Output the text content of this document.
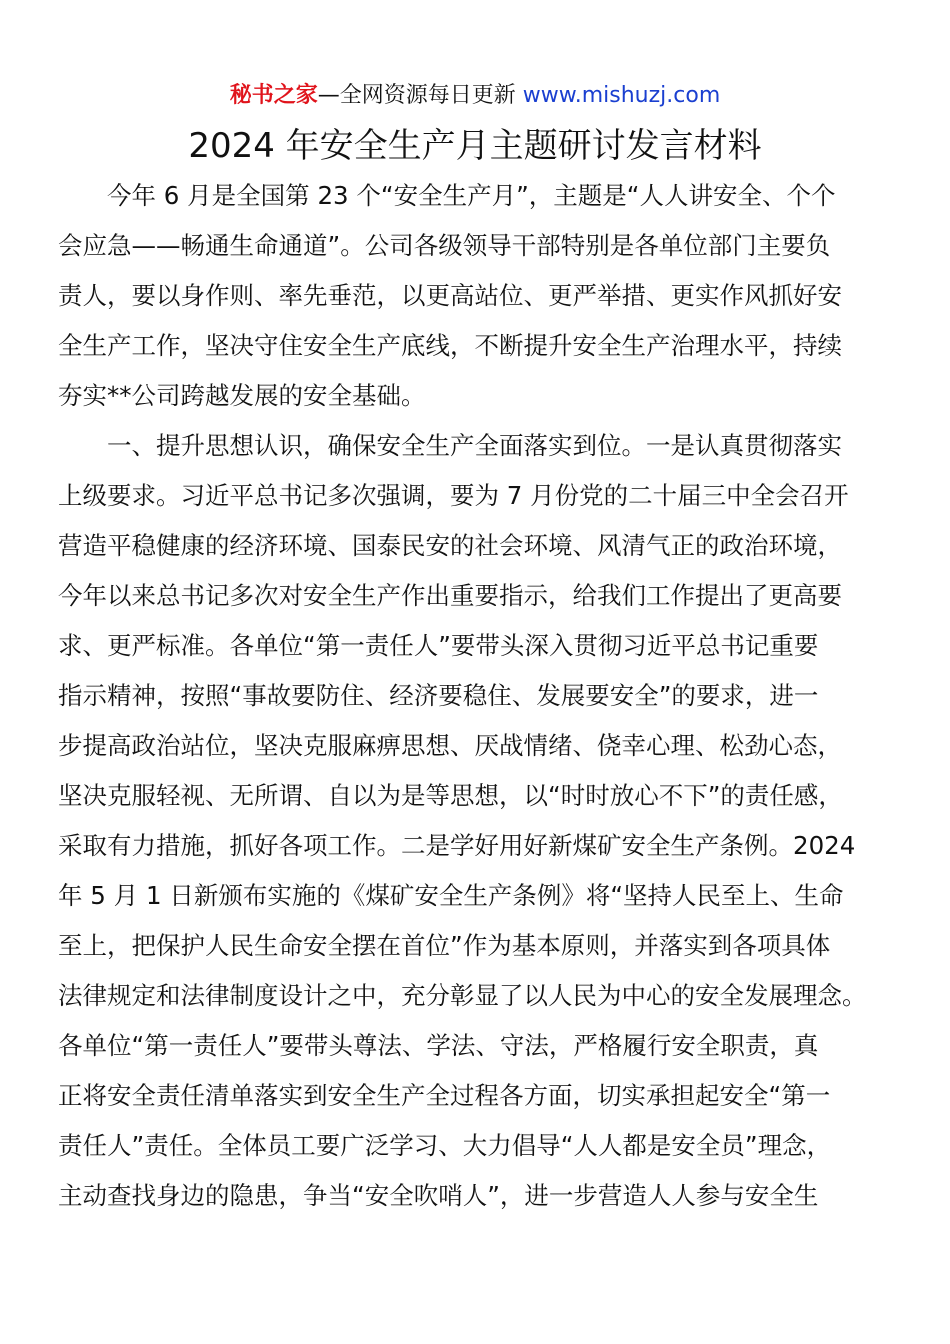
秘书之家—全网资源每日更新 www.mishuzj.com
2024 年安全生产月主题研讨发言材料
　　今年 6 月是全国第 23 个“安全生产月”，主题是“人人讲安全、个个
会应急——畅通生命通道”。公司各级领导干部特别是各单位部门主要负
责人，要以身作则、率先垂范，以更高站位、更严举措、更实作风抓好安
全生产工作，坚决守住安全生产底线，不断提升安全生产治理水平，持续
夯实**公司跨越发展的安全基础。
　　一、提升思想认识，确保安全生产全面落实到位。一是认真贯彻落实
上级要求。习近平总书记多次强调，要为 7 月份党的二十届三中全会召开
营造平稳健康的经济环境、国泰民安的社会环境、风清气正的政治环境，
今年以来总书记多次对安全生产作出重要指示，给我们工作提出了更高要
求、更严标准。各单位“第一责任人”要带头深入贯彻习近平总书记重要
指示精神，按照“事故要防住、经济要稳住、发展要安全”的要求，进一
步提高政治站位，坚决克服麻痹思想、厌战情绪、侥幸心理、松劲心态，
坚决克服轻视、无所谓、自以为是等思想，以“时时放心不下”的责任感，
采取有力措施，抓好各项工作。二是学好用好新煤矿安全生产条例。2024
年 5 月 1 日新颁布实施的《煤矿安全生产条例》将“坚持人民至上、生命
至上，把保护人民生命安全摆在首位”作为基本原则，并落实到各项具体
法律规定和法律制度设计之中，充分彰显了以人民为中心的安全发展理念。
各单位“第一责任人”要带头尊法、学法、守法，严格履行安全职责，真
正将安全责任清单落实到安全生产全过程各方面，切实承担起安全“第一
责任人”责任。全体员工要广泛学习、大力倡导“人人都是安全员”理念，
主动查找身边的隐患，争当“安全吹哨人”，进一步营造人人参与安全生
